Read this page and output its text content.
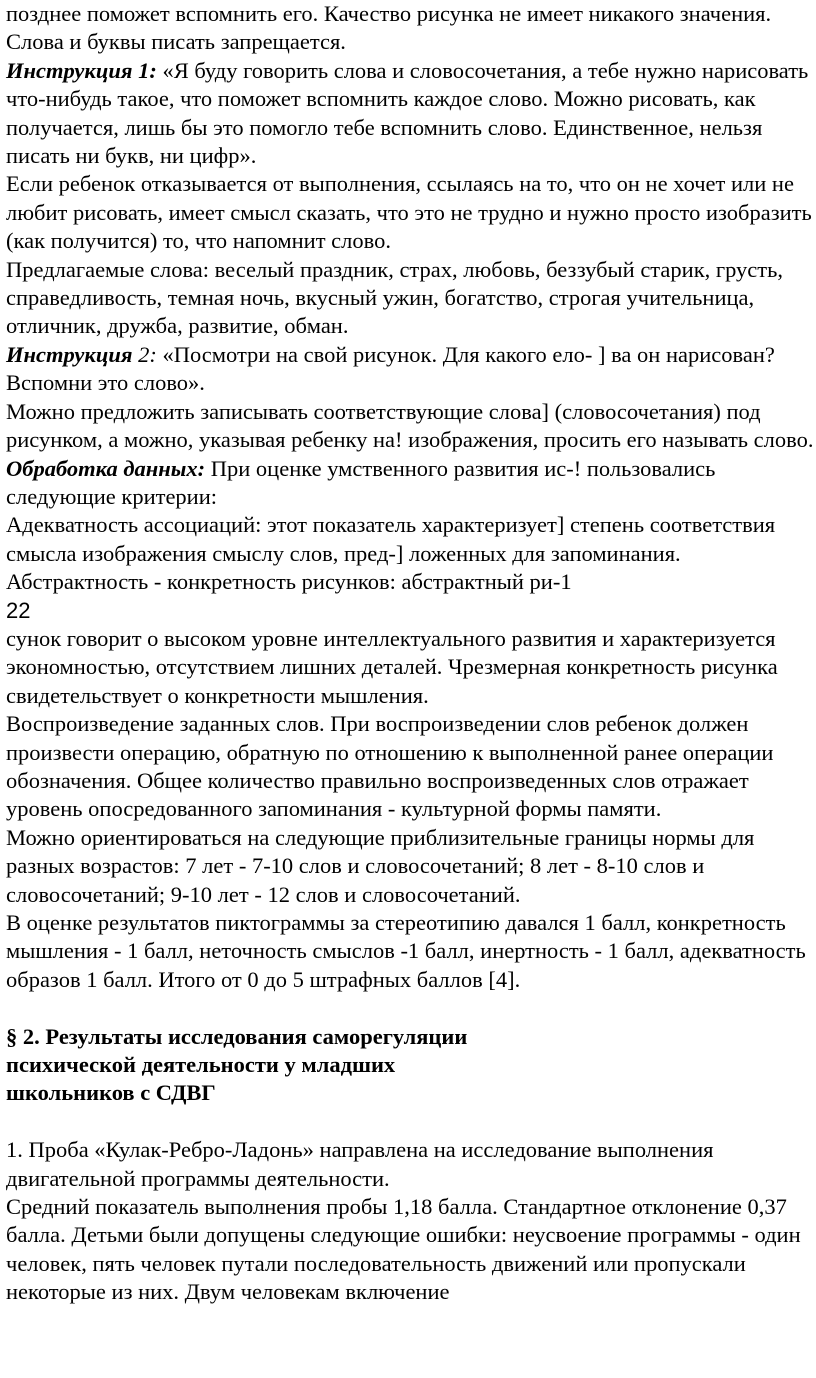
позднее поможет вспомнить его. Качество рисунка не имеет никакого значения. Слова и буквы писать запрещается.

Инструкция 1: «Я буду говорить слова и словосочетания, а тебе нужно нарисовать что-нибудь такое, что поможет вспомнить каждое слово. Можно рисовать, как получается, лишь бы это помогло тебе вспомнить слово. Единственное, нельзя писать ни букв, ни цифр».

Если ребенок отказывается от выполнения, ссылаясь на то, что он не хочет или не любит рисовать, имеет смысл сказать, что это не трудно и нужно просто изобразить (как получится) то, что напомнит слово.

Предлагаемые слова: веселый праздник, страх, любовь, беззубый старик, грусть, справедливость, темная ночь, вкусный ужин, богатство, строгая учительница, отличник, дружба, развитие, обман.

Инструкция 2: «Посмотри на свой рисунок. Для какого ело- ] ва он нарисован? Вспомни это слово».

Можно предложить записывать соответствующие слова] (словосочетания) под рисунком, а можно, указывая ребенку на! изображения, просить его называть слово.

Обработка данных: При оценке умственного развития ис-! пользовались следующие критерии:

Адекватность ассоциаций: этот показатель характеризует] степень соответствия смысла изображения смыслу слов, пред-] ложенных для запоминания.

Абстрактность - конкретность рисунков: абстрактный ри-1

22

сунок говорит о высоком уровне интеллектуального развития и характеризуется экономностью, отсутствием лишних деталей. Чрезмерная конкретность рисунка свидетельствует о конкретности мышления.

Воспроизведение заданных слов. При воспроизведении слов ребенок должен произвести операцию, обратную по отношению к выполненной ранее операции обозначения. Общее количество правильно воспроизведенных слов отражает уровень опосредованного запоминания - культурной формы памяти.

Можно ориентироваться на следующие приблизительные границы нормы для разных возрастов: 7 лет - 7-10 слов и словосочетаний; 8 лет - 8-10 слов и словосочетаний; 9-10 лет - 12 слов и словосочетаний.

В оценке результатов пиктограммы за стереотипию давался 1 балл, конкретность мышления - 1 балл, неточность смыслов -1 балл, инертность - 1 балл, адекватность образов 1 балл. Итого от 0 до 5 штрафных баллов [4].

§ 2. Результаты исследования саморегуляции
психической деятельности у младших
школьников с СДВГ

1. Проба «Кулак-Ребро-Ладонь» направлена на исследование выполнения двигательной программы деятельности.

Средний показатель выполнения пробы 1,18 балла. Стандартное отклонение 0,37 балла. Детьми были допущены следующие ошибки: неусвоение программы - один человек, пять человек путали последовательность движений или пропускали некоторые из них. Двум человекам включение
